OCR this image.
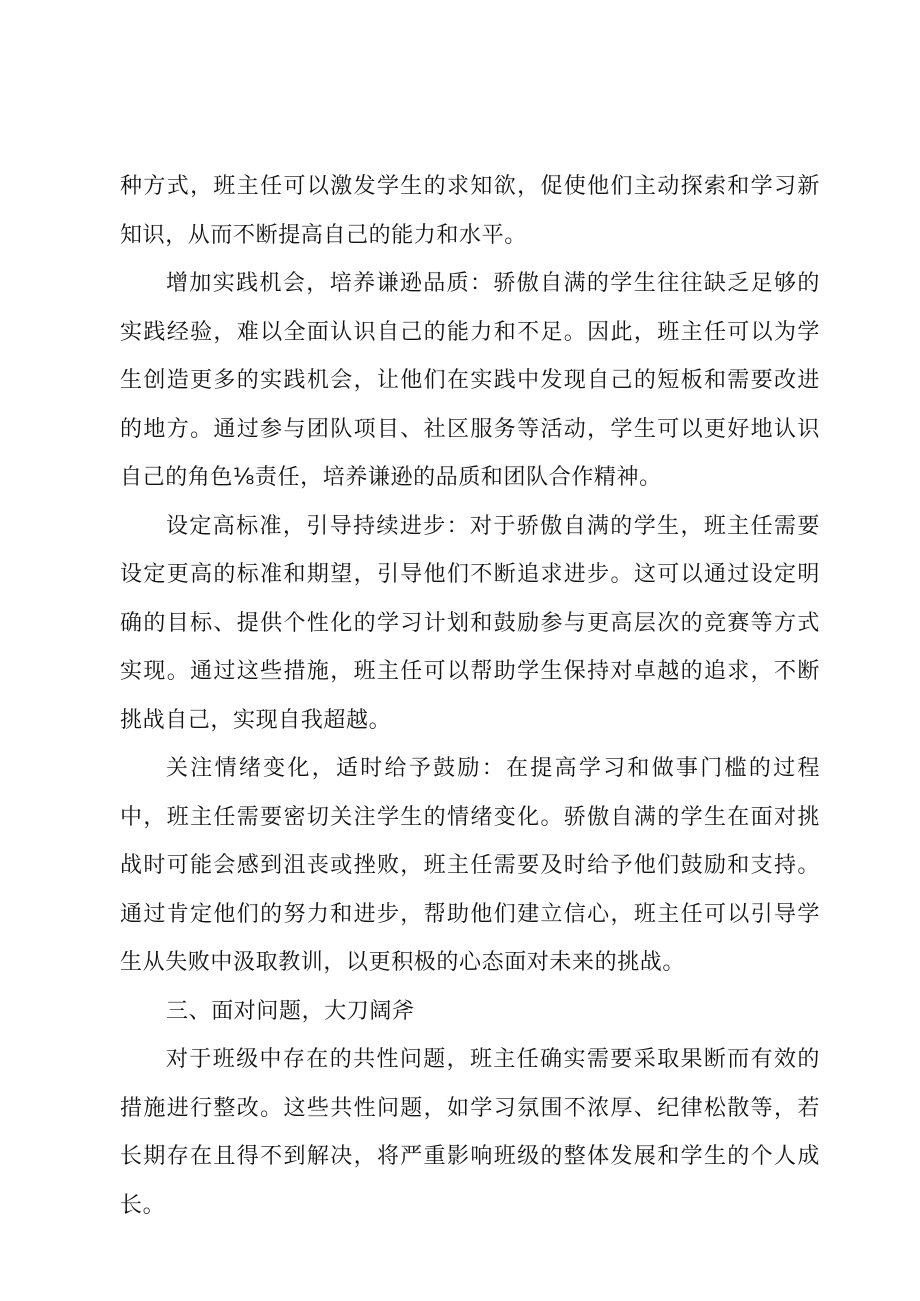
种方式，班主任可以激发学生的求知欲，促使他们主动探索和学习新知识，从而不断提高自己的能力和水平。

增加实践机会，培养谦逊品质：骄傲自满的学生往往缺乏足够的实践经验，难以全面认识自己的能力和不足。因此，班主任可以为学生创造更多的实践机会，让他们在实践中发现自己的短板和需要改进的地方。通过参与团队项目、社区服务等活动，学生可以更好地认识自己的角色⅛责任，培养谦逊的品质和团队合作精神。

设定高标准，引导持续进步：对于骄傲自满的学生，班主任需要设定更高的标准和期望，引导他们不断追求进步。这可以通过设定明确的目标、提供个性化的学习计划和鼓励参与更高层次的竞赛等方式实现。通过这些措施，班主任可以帮助学生保持对卓越的追求，不断挑战自己，实现自我超越。

关注情绪变化，适时给予鼓励：在提高学习和做事门槛的过程中，班主任需要密切关注学生的情绪变化。骄傲自满的学生在面对挑战时可能会感到沮丧或挫败，班主任需要及时给予他们鼓励和支持。通过肯定他们的努力和进步，帮助他们建立信心，班主任可以引导学生从失败中汲取教训，以更积极的心态面对未来的挑战。

三、面对问题，大刀阔斧

对于班级中存在的共性问题，班主任确实需要采取果断而有效的措施进行整改。这些共性问题，如学习氛围不浓厚、纪律松散等，若长期存在且得不到解决，将严重影响班级的整体发展和学生的个人成长。
